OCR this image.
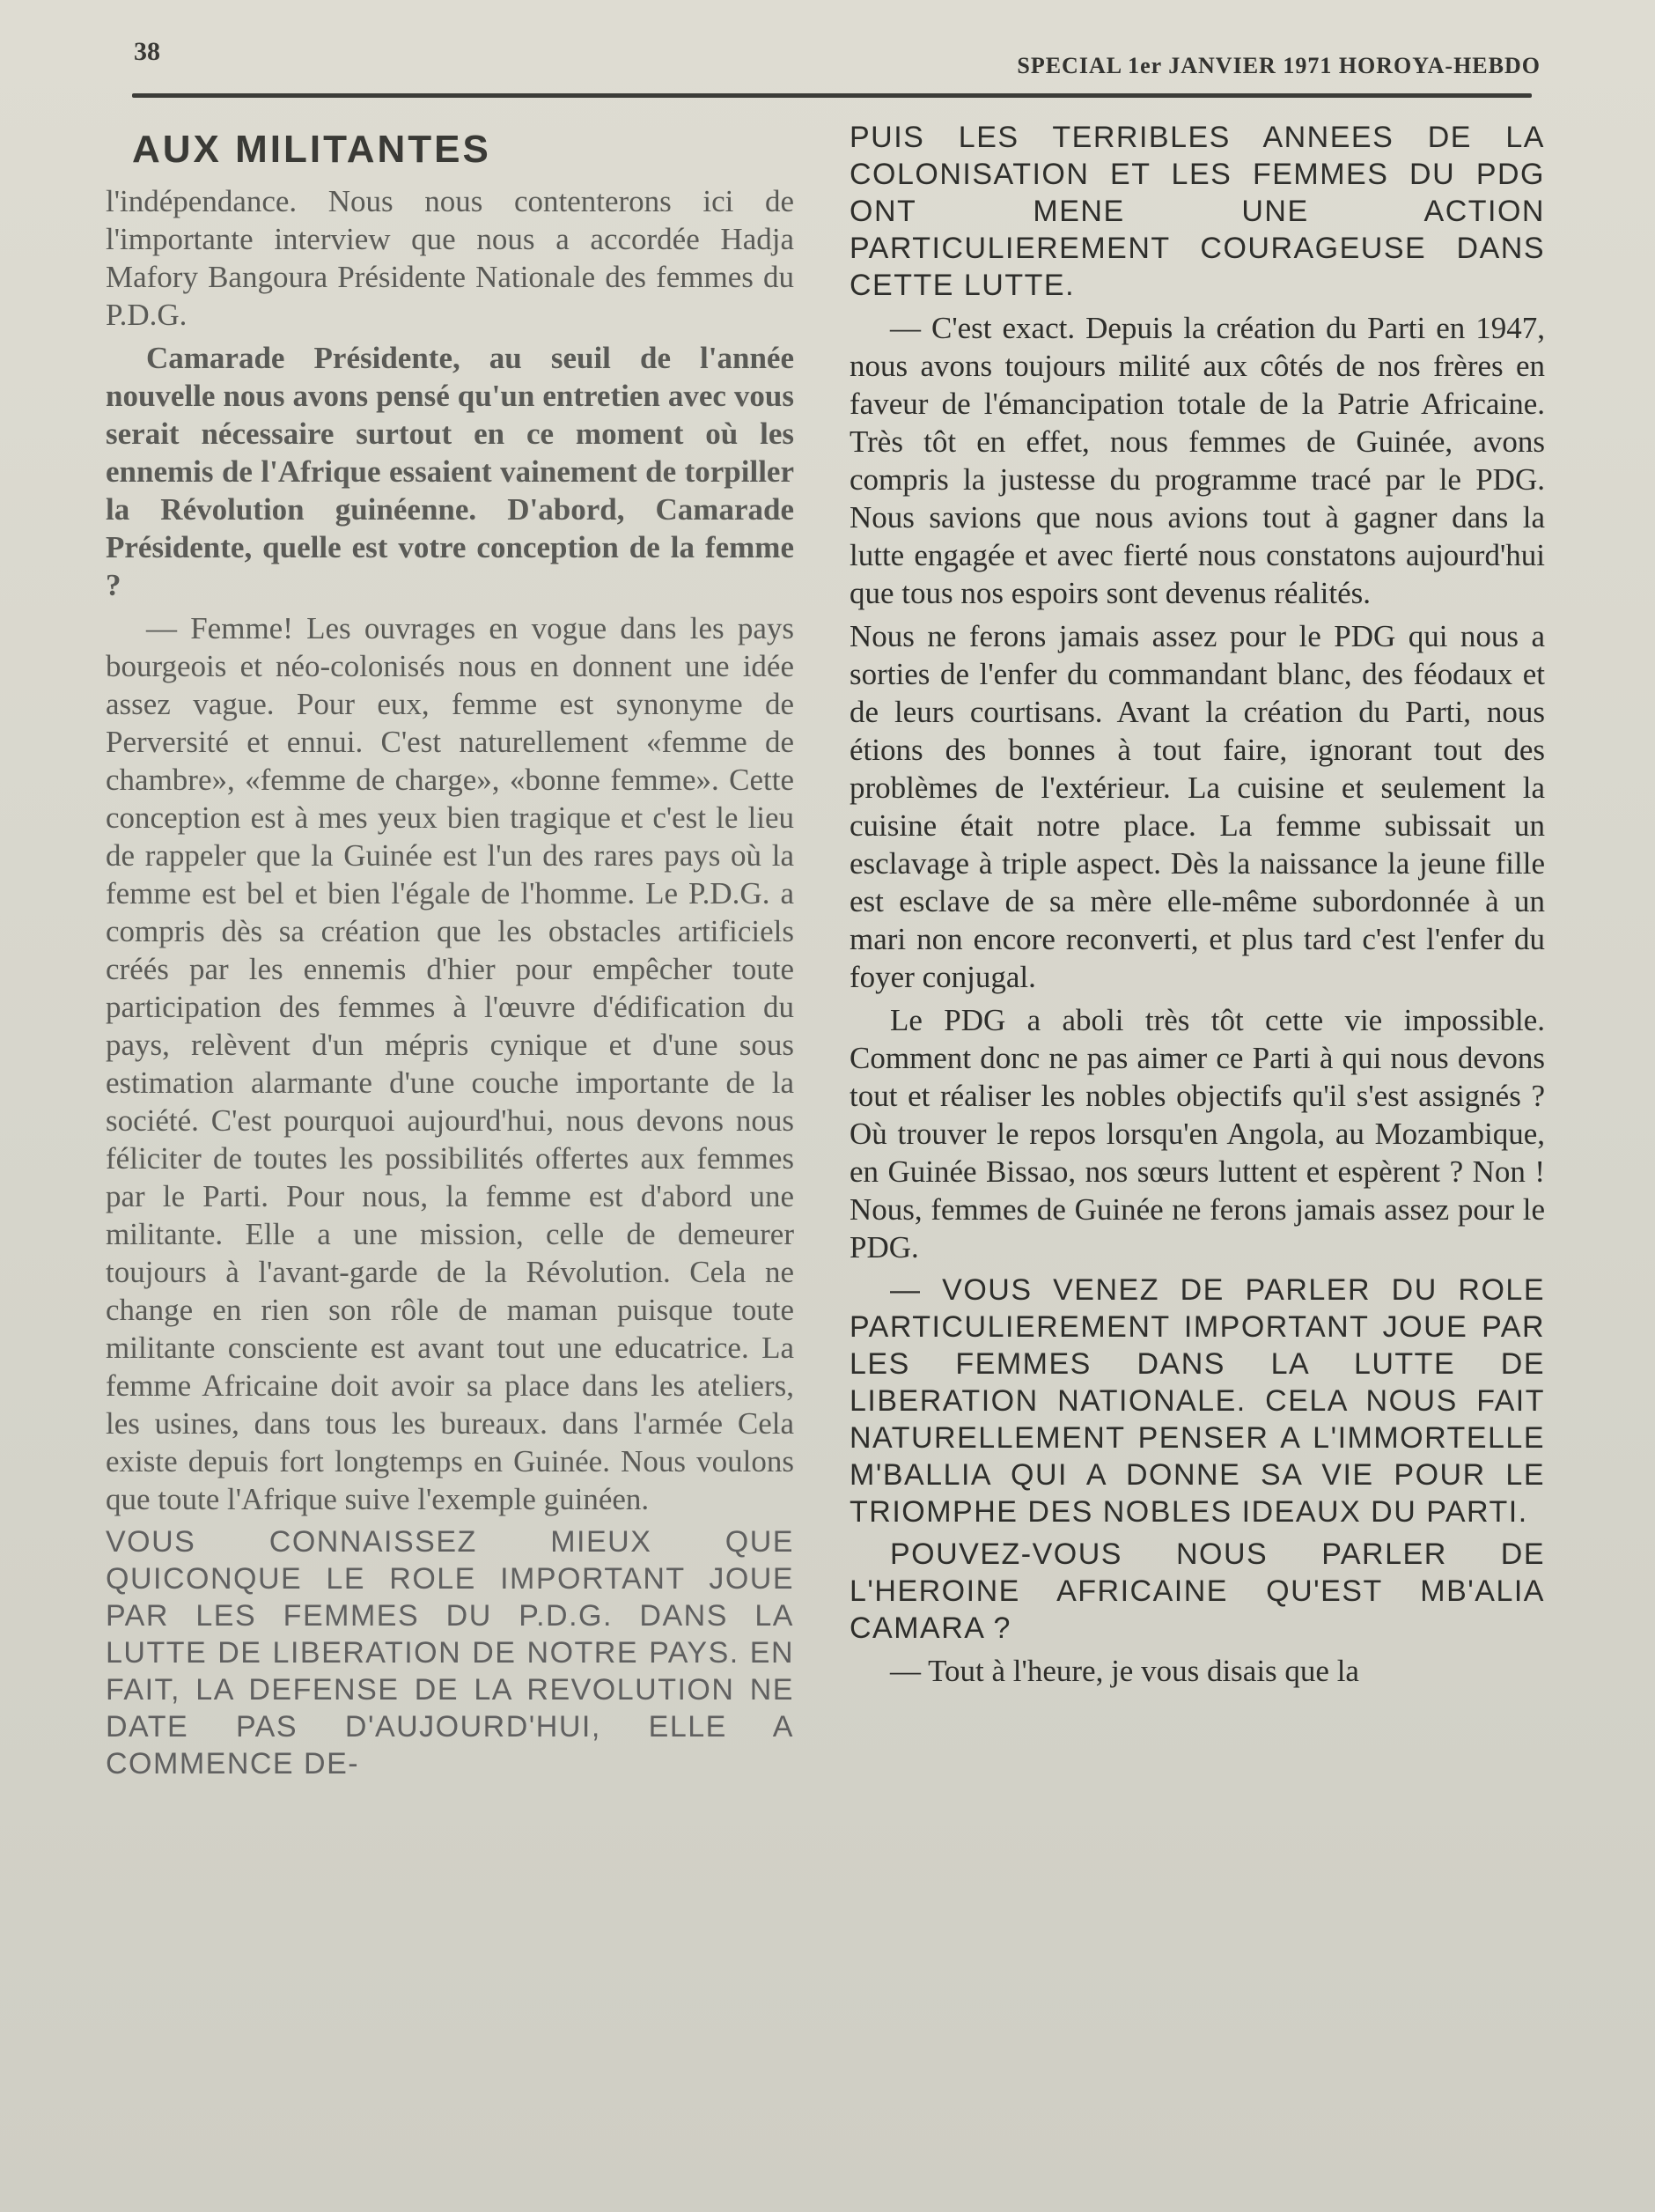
38	SPECIAL 1er JANVIER 1971 HOROYA-HEBDO
AUX MILITANTES

l'indépendance. Nous nous contenterons ici de l'importante interview que nous a accordée Hadja Mafory Bangoura Présidente Nationale des femmes du P.D.G.

Camarade Présidente, au seuil de l'année nouvelle nous avons pensé qu'un entretien avec vous serait nécessaire surtout en ce moment où les ennemis de l'Afrique essaient vainement de torpiller la Révolution guinéenne. D'abord, Camarade Présidente, quelle est votre conception de la femme ?

— Femme! Les ouvrages en vogue dans les pays bourgeois et néo-colonisés nous en donnent une idée assez vague. Pour eux, femme est synonyme de Perversité et ennui. C'est naturellement «femme de chambre», «femme de charge», «bonne femme». Cette conception est à mes yeux bien tragique et c'est le lieu de rappeler que la Guinée est l'un des rares pays où la femme est bel et bien l'égale de l'homme. Le P.D.G. a compris dès sa création que les obstacles artificiels créés par les ennemis d'hier pour empêcher toute participation des femmes à l'œuvre d'édification du pays, relèvent d'un mépris cynique et d'une sous estimation alarmante d'une couche importante de la société. C'est pourquoi aujourd'hui, nous devons nous féliciter de toutes les possibilités offertes aux femmes par le Parti. Pour nous, la femme est d'abord une militante. Elle a une mission, celle de demeurer toujours à l'avant-garde de la Révolution. Cela ne change en rien son rôle de maman puisque toute militante consciente est avant tout une educatrice. La femme Africaine doit avoir sa place dans les ateliers, les usines, dans tous les bureaux. dans l'armée Cela existe depuis fort longtemps en Guinée. Nous voulons que toute l'Afrique suive l'exemple guinéen.

VOUS CONNAISSEZ MIEUX QUE QUICONQUE LE ROLE IMPORTANT JOUE PAR LES FEMMES DU P.D.G. DANS LA LUTTE DE LIBERATION DE NOTRE PAYS. EN FAIT, LA DEFENSE DE LA REVOLUTION NE DATE PAS D'AUJOURD'HUI, ELLE A COMMENCE DE-

PUIS LES TERRIBLES ANNEES DE LA COLONISATION ET LES FEMMES DU PDG ONT MENE UNE ACTION PARTICULIEREMENT COURAGEUSE DANS CETTE LUTTE.

— C'est exact. Depuis la création du Parti en 1947, nous avons toujours milité aux côtés de nos frères en faveur de l'émancipation totale de la Patrie Africaine. Très tôt en effet, nous femmes de Guinée, avons compris la justesse du programme tracé par le PDG. Nous savions que nous avions tout à gagner dans la lutte engagée et avec fierté nous constatons aujourd'hui que tous nos espoirs sont devenus réalités.

Nous ne ferons jamais assez pour le PDG qui nous a sorties de l'enfer du commandant blanc, des féodaux et de leurs courtisans. Avant la création du Parti, nous étions des bonnes à tout faire, ignorant tout des problèmes de l'extérieur. La cuisine et seulement la cuisine était notre place. La femme subissait un esclavage à triple aspect. Dès la naissance la jeune fille est esclave de sa mère elle-même subordonnée à un mari non encore reconverti, et plus tard c'est l'enfer du foyer conjugal.

Le PDG a aboli très tôt cette vie impossible. Comment donc ne pas aimer ce Parti à qui nous devons tout et réaliser les nobles objectifs qu'il s'est assignés ? Où trouver le repos lorsqu'en Angola, au Mozambique, en Guinée Bissao, nos sœurs luttent et espèrent ? Non ! Nous, femmes de Guinée ne ferons jamais assez pour le PDG.

— VOUS VENEZ DE PARLER DU ROLE PARTICULIEREMENT IMPORTANT JOUE PAR LES FEMMES DANS LA LUTTE DE LIBERATION NATIONALE. CELA NOUS FAIT NATURELLEMENT PENSER A L'IMMORTELLE M'BALLIA QUI A DONNE SA VIE POUR LE TRIOMPHE DES NOBLES IDEAUX DU PARTI.

POUVEZ-VOUS NOUS PARLER DE L'HEROINE AFRICAINE QU'EST MB'ALIA CAMARA ?

— Tout à l'heure, je vous disais que la
